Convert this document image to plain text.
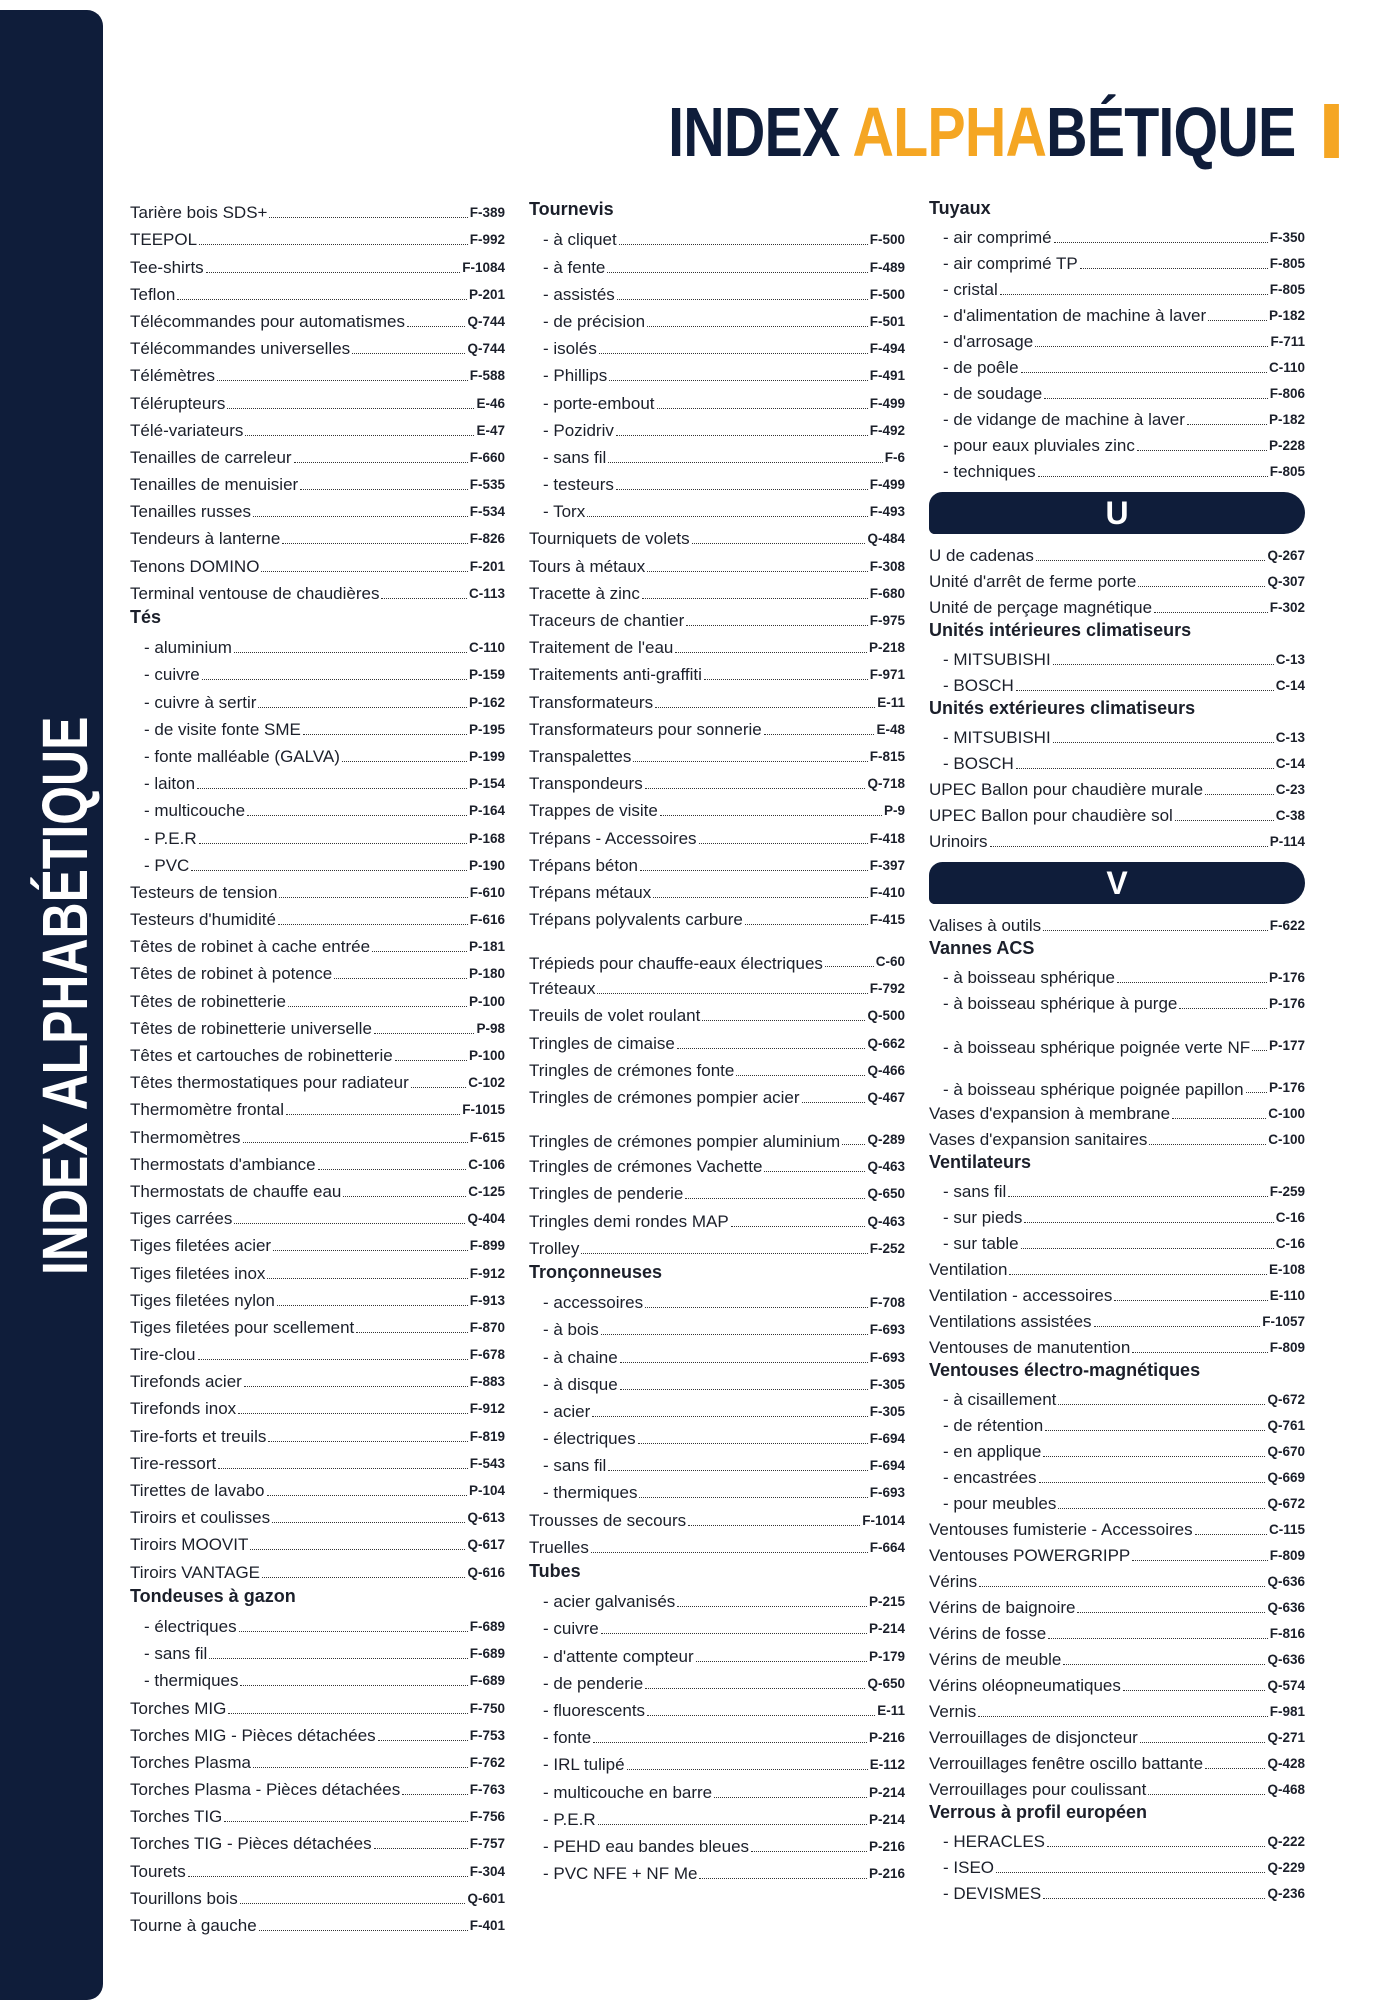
INDEX ALPHABÉTIQUE
INDEX ALPHABÉTIQUE
Tarière bois SDS+	F-389
TEEPOL	F-992
Tee-shirts	F-1084
Teflon	P-201
Télécommandes pour automatismes	Q-744
Télécommandes universelles	Q-744
Télémètres	F-588
Télérupteurs	E-46
Télé-variateurs	E-47
Tenailles de carreleur	F-660
Tenailles de menuisier	F-535
Tenailles russes	F-534
Tendeurs à lanterne	F-826
Tenons DOMINO	F-201
Terminal ventouse de chaudières	C-113
Tés
- aluminium	C-110
- cuivre	P-159
- cuivre à sertir	P-162
- de visite fonte SME	P-195
- fonte malléable (GALVA)	P-199
- laiton	P-154
- multicouche	P-164
- P.E.R	P-168
- PVC	P-190
Testeurs de tension	F-610
Testeurs d'humidité	F-616
Têtes de robinet à cache entrée	P-181
Têtes de robinet à potence	P-180
Têtes de robinetterie	P-100
Têtes de robinetterie universelle	P-98
Têtes et cartouches de robinetterie	P-100
Têtes thermostatiques pour radiateur	C-102
Thermomètre frontal	F-1015
Thermomètres	F-615
Thermostats d'ambiance	C-106
Thermostats de chauffe eau	C-125
Tiges carrées	Q-404
Tiges filetées acier	F-899
Tiges filetées inox	F-912
Tiges filetées nylon	F-913
Tiges filetées pour scellement	F-870
Tire-clou	F-678
Tirefonds acier	F-883
Tirefonds inox	F-912
Tire-forts et treuils	F-819
Tire-ressort	F-543
Tirettes de lavabo	P-104
Tiroirs et coulisses	Q-613
Tiroirs MOOVIT	Q-617
Tiroirs VANTAGE	Q-616
Tondeuses à gazon
- électriques	F-689
- sans fil	F-689
- thermiques	F-689
Torches MIG	F-750
Torches MIG - Pièces détachées	F-753
Torches Plasma	F-762
Torches Plasma - Pièces détachées	F-763
Torches TIG	F-756
Torches TIG - Pièces détachées	F-757
Tourets	F-304
Tourillons bois	Q-601
Tourne à gauche	F-401
Tournevis
- à cliquet	F-500
- à fente	F-489
- assistés	F-500
- de précision	F-501
- isolés	F-494
- Phillips	F-491
- porte-embout	F-499
- Pozidriv	F-492
- sans fil	F-6
- testeurs	F-499
- Torx	F-493
Tourniquets de volets	Q-484
Tours à métaux	F-308
Tracette à zinc	F-680
Traceurs de chantier	F-975
Traitement de l'eau	P-218
Traitements anti-graffiti	F-971
Transformateurs	E-11
Transformateurs pour sonnerie	E-48
Transpalettes	F-815
Transpondeurs	Q-718
Trappes de visite	P-9
Trépans - Accessoires	F-418
Trépans béton	F-397
Trépans métaux	F-410
Trépans polyvalents carbure	F-415
Trépieds pour chauffe-eaux électriques	C-60
Tréteaux	F-792
Treuils de volet roulant	Q-500
Tringles de cimaise	Q-662
Tringles de crémones fonte	Q-466
Tringles de crémones pompier acier	Q-467
Tringles de crémones pompier aluminium Q-289
Tringles de crémones Vachette	Q-463
Tringles de penderie	Q-650
Tringles demi rondes MAP	Q-463
Trolley	F-252
Tronçonneuses
- accessoires	F-708
- à bois	F-693
- à chaine	F-693
- à disque	F-305
- acier	F-305
- électriques	F-694
- sans fil	F-694
- thermiques	F-693
Trousses de secours	F-1014
Truelles	F-664
Tubes
- acier galvanisés	P-215
- cuivre	P-214
- d'attente compteur	P-179
- de penderie	Q-650
- fluorescents	E-11
- fonte	P-216
- IRL tulipé	E-112
- multicouche en barre	P-214
- P.E.R	P-214
- PEHD eau bandes bleues	P-216
- PVC NFE + NF Me	P-216
Tuyaux
- air comprimé	F-350
- air comprimé TP	F-805
- cristal	F-805
- d'alimentation de machine à laver	P-182
- d'arrosage	F-711
- de poêle	C-110
- de soudage	F-806
- de vidange de machine à laver	P-182
- pour eaux pluviales zinc	P-228
- techniques	F-805
U
U de cadenas	Q-267
Unité d'arrêt de ferme porte	Q-307
Unité de perçage magnétique	F-302
Unités intérieures climatiseurs
- MITSUBISHI	C-13
- BOSCH	C-14
Unités extérieures climatiseurs
- MITSUBISHI	C-13
- BOSCH	C-14
UPEC Ballon pour chaudière murale	C-23
UPEC Ballon pour chaudière sol	C-38
Urinoirs	P-114
V
Valises à outils	F-622
Vannes ACS
- à boisseau sphérique	P-176
- à boisseau sphérique à purge	P-176
- à boisseau sphérique poignée verte NF P-177
- à boisseau sphérique poignée papillon P-176
Vases d'expansion à membrane	C-100
Vases d'expansion sanitaires	C-100
Ventilateurs
- sans fil	F-259
- sur pieds	C-16
- sur table	C-16
Ventilation	E-108
Ventilation - accessoires	E-110
Ventilations assistées	F-1057
Ventouses de manutention	F-809
Ventouses électro-magnétiques
- à cisaillement	Q-672
- de rétention	Q-761
- en applique	Q-670
- encastrées	Q-669
- pour meubles	Q-672
Ventouses fumisterie - Accessoires	C-115
Ventouses POWERGRIPP	F-809
Vérins	Q-636
Vérins de baignoire	Q-636
Vérins de fosse	F-816
Vérins de meuble	Q-636
Vérins oléopneumatiques	Q-574
Vernis	F-981
Verrouillages de disjoncteur	Q-271
Verrouillages fenêtre oscillo battante	Q-428
Verrouillages pour coulissant	Q-468
Verrous à profil européen
- HERACLES	Q-222
- ISEO	Q-229
- DEVISMES	Q-236
